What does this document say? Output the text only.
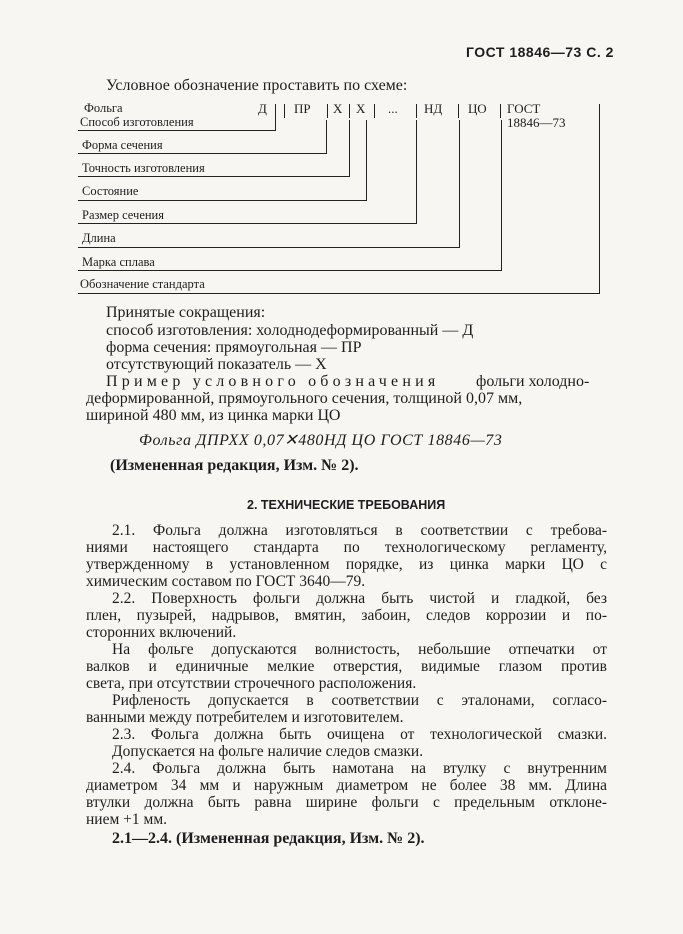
ГОСТ 18846—73 С. 2
Условное обозначение проставить по схеме:
Д ПР Х Х ... НД ЦО ГОСТ
18846—73
Фольга
Способ изготовления
Форма сечения
Точность изготовления
Состояние
Размер сечения
Длина
Марка сплава
Обозначение стандарта
Принятые сокращения:
способ изготовления: холоднодеформированный — Д
форма сечения: прямоугольная — ПР
отсутствующий показатель — Х
Пример условного обозначения фольги холодно-
деформированной, прямоугольного сечения, толщиной 0,07 мм,
шириной 480 мм, из цинка марки ЦО
Фольга ДПРХХ 0,07✕480НД ЦО ГОСТ 18846—73
(Измененная редакция, Изм. № 2).
2. ТЕХНИЧЕСКИЕ ТРЕБОВАНИЯ
2.1. Фольга должна изготовляться в соответствии с требова-
ниями настоящего стандарта по технологическому регламенту,
утвержденному в установленном порядке, из цинка марки ЦО с
химическим составом по ГОСТ 3640—79.
2.2. Поверхность фольги должна быть чистой и гладкой, без
плен, пузырей, надрывов, вмятин, забоин, следов коррозии и по-
сторонних включений.
На фольге допускаются волнистость, небольшие отпечатки от
валков и единичные мелкие отверстия, видимые глазом против
света, при отсутствии строчечного расположения.
Рифленость допускается в соответствии с эталонами, согласо-
ванными между потребителем и изготовителем.
2.3. Фольга должна быть очищена от технологической смазки.
Допускается на фольге наличие следов смазки.
2.4. Фольга должна быть намотана на втулку с внутренним
диаметром 34 мм и наружным диаметром не более 38 мм. Длина
втулки должна быть равна ширине фольги с предельным отклоне-
нием +1 мм.
2.1—2.4. (Измененная редакция, Изм. № 2).
